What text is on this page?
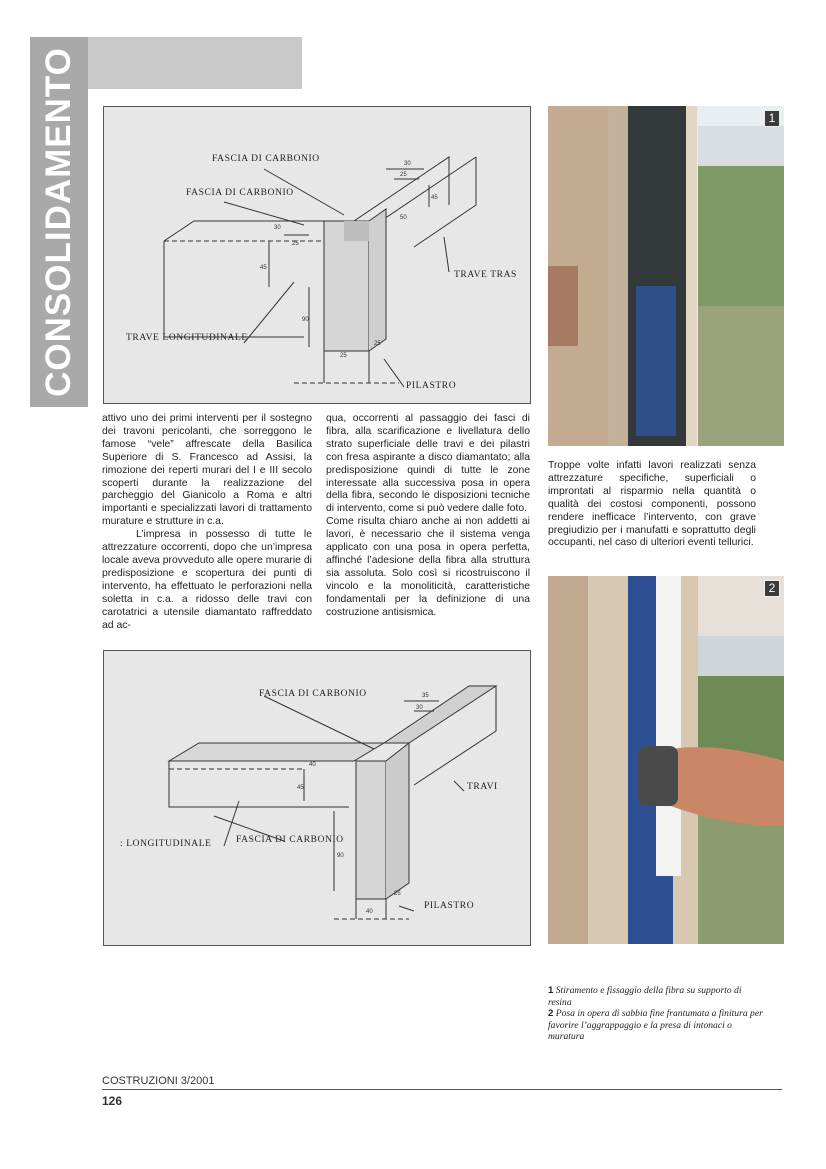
CONSOLIDAMENTO	30
25
45
30
25
50
45
90
25
25
FASCIA DI CARBONIO
FASCIA DI CARBONIO
TRAVE TRAS
TRAVE LONGITUDINALE
PILASTRO

attivo uno dei primi interventi per il sostegno dei travoni pericolanti, che sorreggono le famose “vele” affrescate della Basilica Superiore di S. Francesco ad Assisi, la rimozione dei reperti murari del I e III secolo scoperti durante la realizzazione del parcheggio del Gianicolo a Roma e altri importanti e specializzati lavori di trattamento murature e strutture in c.a.

L’impresa in possesso di tutte le attrezzature occorrenti, dopo che un’impresa locale aveva provveduto alle opere murarie di predisposizione e scopertura dei punti di intervento, ha effettuato le perforazioni nella soletta in c.a. a ridosso delle travi con carotatrici a utensile diamantato raffreddato ad ac-

qua, occorrenti al passaggio dei fasci di fibra, alla scarificazione e livellatura dello strato superficiale delle travi e dei pilastri con fresa aspirante a disco diamantato; alla predisposizione quindi di tutte le zone interessate alla successiva posa in opera della fibra, secondo le disposizioni tecniche di intervento, come si può vedere dalle foto.

Come risulta chiaro anche ai non addetti ai lavori, è necessario che il sistema venga applicato con una posa in opera perfetta, affinché l’adesione della fibra alla struttura sia assoluta. Solo così si ricostruiscono il vincolo e la monoliticità, caratteristiche fondamentali per la definizione di una costruzione antisismica.

Troppe volte infatti lavori realizzati senza attrezzature specifiche, superficiali o improntati al risparmio nella quantità o qualità dei costosi componenti, possono rendere inefficace l’intervento, con grave pregiudizio per i manufatti e soprattutto degli occupanti, nel caso di ulteriori eventi tellurici.

35
30
45
40
90
25
40
FASCIA DI CARBONIO
TRAVI
: LONGITUDINALE	FASCIA DI CARBONIO
PILASTRO
1
2
1 Stiramento e fissaggio della fibra su supporto di resina
2 Posa in opera di sabbia fine frantumata a finitura per favorire l’aggrappaggio e la presa di intonaci o muratura
COSTRUZIONI 3/2001
126
